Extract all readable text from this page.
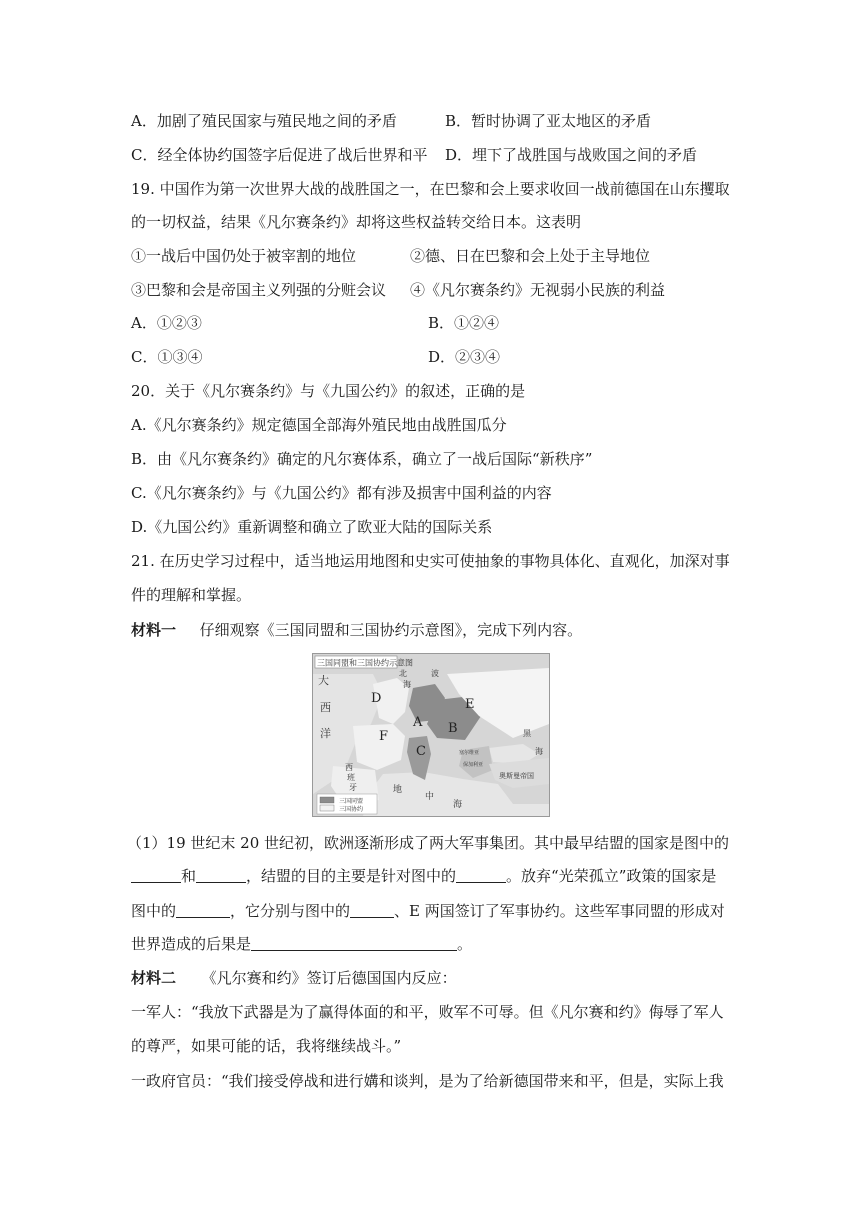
A．加剧了殖民国家与殖民地之间的矛盾	B．暂时协调了亚太地区的矛盾
C．经全体协约国签字后促进了战后世界和平 D．埋下了战胜国与战败国之间的矛盾
19. 中国作为第一次世界大战的战胜国之一，在巴黎和会上要求收回一战前德国在山东攫取
的一切权益，结果《凡尔赛条约》却将这些权益转交给日本。这表明
①一战后中国仍处于被宰割的地位	②德、日在巴黎和会上处于主导地位
③巴黎和会是帝国主义列强的分赃会议 ④《凡尔赛条约》无视弱小民族的利益
A．①②③	B．①②④
C．①③④	D．②③④
20．关于《凡尔赛条约》与《九国公约》的叙述，正确的是
A.《凡尔赛条约》规定德国全部海外殖民地由战胜国瓜分
B．由《凡尔赛条约》确定的凡尔赛体系，确立了一战后国际“新秩序”
C.《凡尔赛条约》与《九国公约》都有涉及损害中国利益的内容
D.《九国公约》重新调整和确立了欧亚大陆的国际关系
21. 在历史学习过程中，适当地运用地图和史实可使抽象的事物具体化、直观化，加深对事
件的理解和掌握。
材料一 仔细观察《三国同盟和三国协约示意图》，完成下列内容。
三国同盟和三国协约示意图
大
西
洋
北
海
波
D
A
E
F
B
C
黑
海
地
中
海
西
班
牙
塞尔维亚
保加利亚
奥斯曼帝国
三国同盟
三国协约
（1）19 世纪末 20 世纪初，欧洲逐渐形成了两大军事集团。其中最早结盟的国家是图中的
和	，结盟的目的主要是针对图中的	。放弃“光荣孤立”政策的国家是
图中的	，它分别与图中的	、E 两国签订了军事协约。这些军事同盟的形成对
世界造成的后果是	。
材料二 《凡尔赛和约》签订后德国国内反应：
一军人：“我放下武器是为了赢得体面的和平，败军不可辱。但《凡尔赛和约》侮辱了军人
的尊严，如果可能的话，我将继续战斗。”
一政府官员：“我们接受停战和进行媾和谈判，是为了给新德国带来和平，但是，实际上我
